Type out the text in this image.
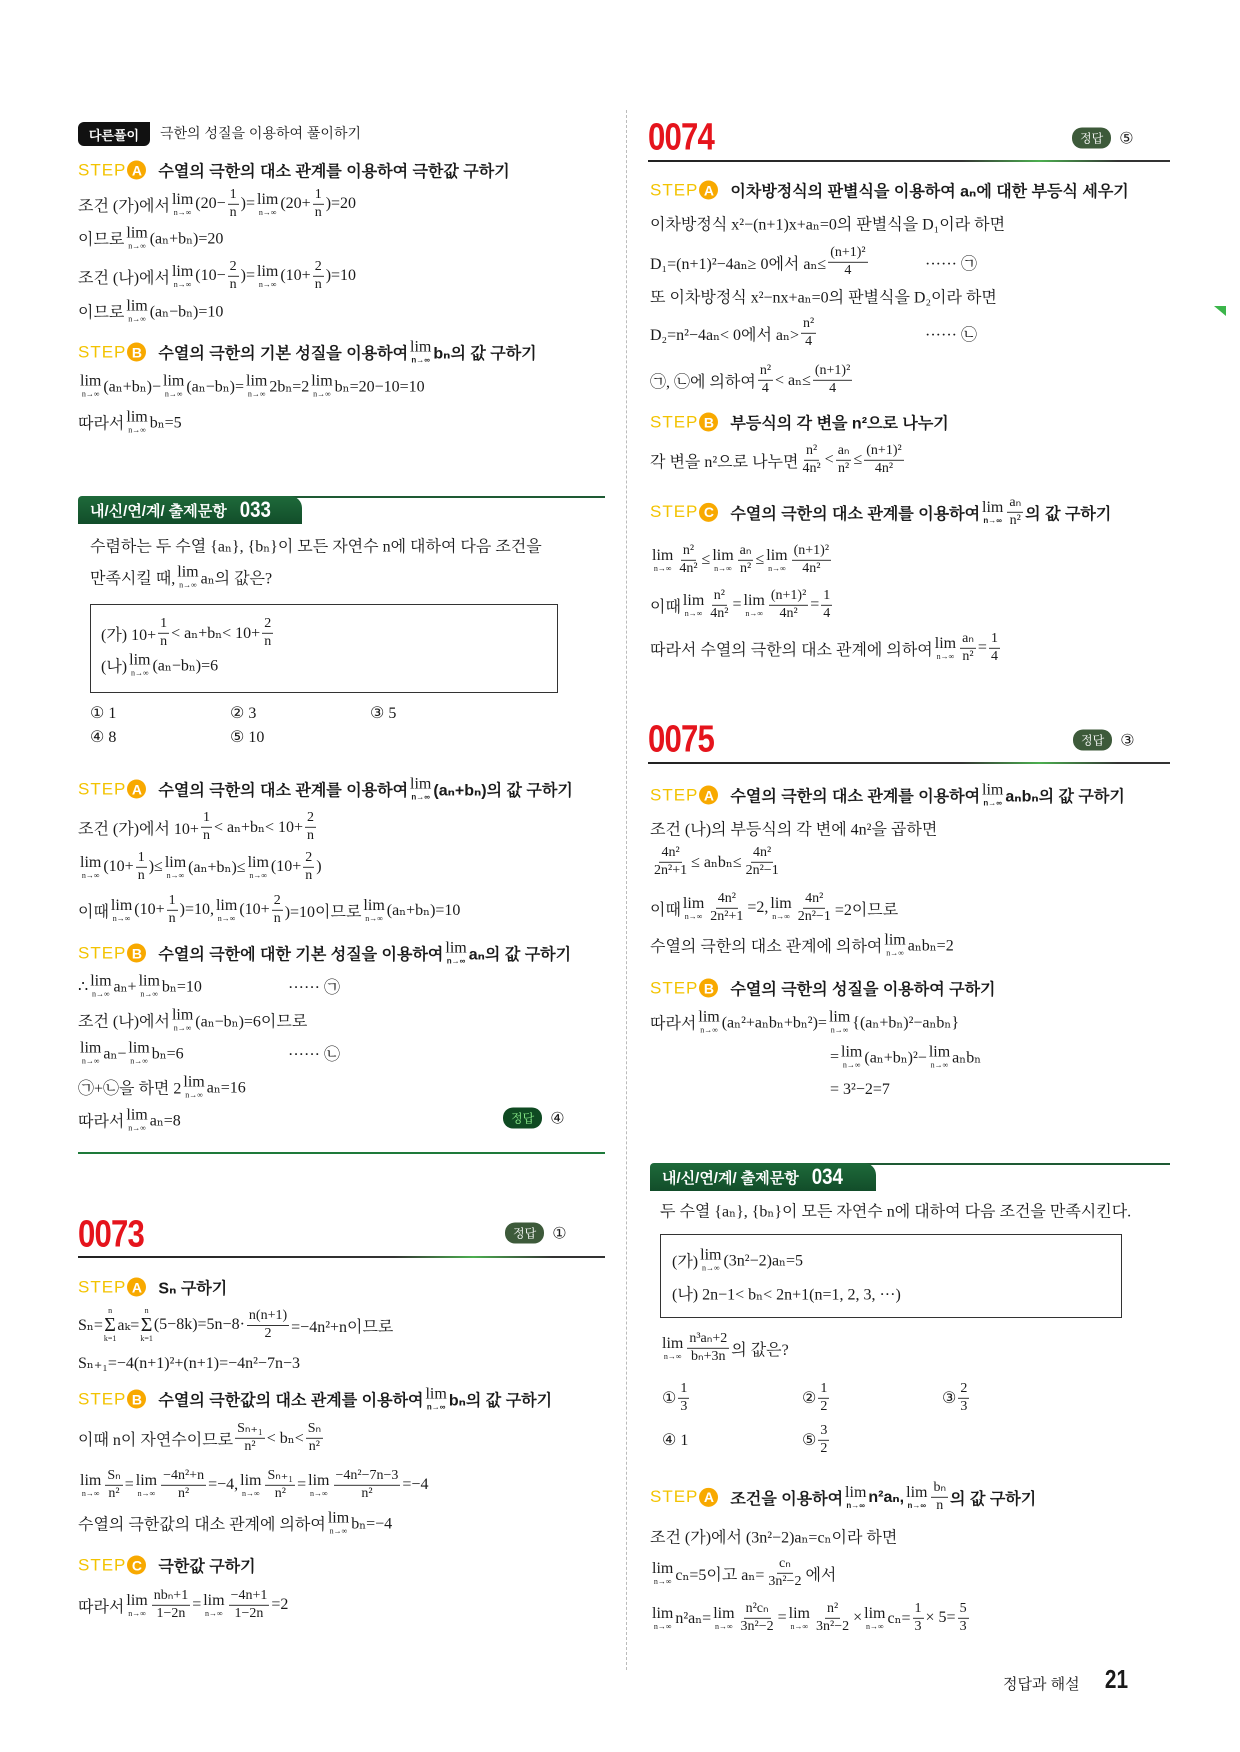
다른풀이	극한의 성질을 이용하여 풀이하기
STEP A 수열의 극한의 대소 관계를 이용하여 극한값 구하기
조건 (가)에서 lim
n→∞ ($20- \frac{1}{n}$ )= lim
n→∞ $(20+ \frac{1}{n} )=20$
이므로 lim
n→∞ (aₙ+bₙ)=20
조건 (나)에서 lim
n→∞ ($10- \frac{2}{n}$ )= lim
n→∞ $(10+ \frac{2}{n} )=10$
이므로 lim
n→∞ (aₙ−bₙ)=10
STEP B 수열의 극한의 기본 성질을 이용하여 lim
n→∞ bₙ의 값 구하기
lim
n→∞ (aₙ+bₙ)− lim
n→∞ (aₙ−bₙ)= lim
n→∞ 2bₙ=2 lim
n→∞ bₙ=20−10=10
따라서 lim
n→∞ bₙ=5
내/신/연/계/ 출제문항 033
수렴하는 두 수열 {aₙ}, {bₙ}이 모든 자연수 n에 대하여 다음 조건을
만족시킬 때, lim
n→∞ aₙ의 값은?
(가) $10+ \frac{1}{n} < a_n+b_n< 10+ \frac{2}{n}$
(나) lim
n→∞ (aₙ−bₙ)=6
① 1	② 3	③ 5
④ 8	⑤ 10
STEP A 수열의 극한의 대소 관계를 이용하여 lim
n→∞ (aₙ+bₙ)의 값 구하기
조건 (가)에서 $10+ \frac{1}{n} < a_n+b_n< 10+ \frac{2}{n}$
lim
n→∞ ($10+ \frac{1}{n}$ )≤ lim
n→∞ (aₙ+bₙ)≤ lim
n→∞ ($10+ \frac{2}{n}$ )
이때 lim
n→∞ $(10+ \frac{1}{n} )=10$, lim
n→∞ $(10+ \frac{2}{n} )=10$이므로 lim
n→∞ (aₙ+bₙ)=10
STEP B 수열의 극한에 대한 기본 성질을 이용하여 lim
n→∞ aₙ의 값 구하기
∴ lim
n→∞ aₙ+ lim
n→∞ bₙ=10	······ ㉠
조건 (나)에서 lim
n→∞ (aₙ−bₙ)=6이므로
lim
n→∞ aₙ− lim
n→∞ bₙ=6	······ ㉡
㉠+㉡을 하면 2 lim
n→∞ aₙ=16
따라서 lim
n→∞ aₙ=8	정답	④
0073	정답	①
STEP A Sₙ 구하기
Sₙ=
n
Σ
k=1
aₖ=
n
Σ
k=1
$(5-8k)=5n-8\cdot \frac{n(n+1)}{2} =-4n^2+n$이므로
Sₙ₊₁=−4(n+1)²+(n+1)=−4n²−7n−3
STEP B 수열의 극한값의 대소 관계를 이용하여 lim
n→∞ bₙ의 값 구하기
이때 n이 자연수이므로 $\frac{\text{Sₙ₊₁}}{\text{n²}} < b_n< \frac{\text{Sₙ}}{\text{n²}}$
lim
$n\to\infty \frac{\text{Sₙ}}{\text{n²}} = \lim$
$n\to\infty \frac{\text{−4n²+n}}{\text{n²}} =-4$, lim
$n\to\infty \frac{\text{Sₙ₊₁}}{\text{n²}} = \lim$
$n\to\infty \frac{\text{−4n²−7n−3}}{\text{n²}} =-4$
수열의 극한값의 대소 관계에 의하여 lim
n→∞ bₙ=−4
STEP C 극한값 구하기
따라서 lim
$n\to\infty \frac{\text{nbₙ+1}}{1-2n} = \lim$
$n\to\infty \frac{-4n+1}{1-2n} =2$
0074	정답	⑤
STEP A 이차방정식의 판별식을 이용하여 aₙ에 대한 부등식 세우기
이차방정식 x²−(n+1)x+aₙ=0의 판별식을 D₁이라 하면
D₁=(n+1)²−4aₙ≥ 0에서 $a_n\le \frac{\text{(n+1)²}}{4}$	······ ㉠
또 이차방정식 x²−nx+aₙ=0의 판별식을 D₂이라 하면
D₂=n²−4aₙ< 0에서 $a_n> \frac{\text{n²}}{4}$	······ ㉡
㉠, ㉡에 의하여 $\frac{\text{n²}}{4} < a_n\le \frac{\text{(n+1)²}}{4}$
STEP B 부등식의 각 변을 n²으로 나누기
각 변을 n²으로 나누면 $\frac{\text{n²}}{\text{4n²}} < \frac{\text{aₙ}}{\text{n²}} \le \frac{\text{(n+1)²}}{\text{4n²}}$
STEP C 수열의 극한의 대소 관계를 이용하여 lim
$n\to\infty \frac{\text{aₙ}}{\text{n²}}$ 의 값 구하기
lim
$n\to\infty \frac{\text{n²}}{\text{4n²}} \le \lim$
$n\to\infty \frac{\text{aₙ}}{\text{n²}} \le \lim$
$n\to\infty \frac{\text{(n+1)²}}{\text{4n²}}$
이때 lim
$n\to\infty \frac{\text{n²}}{\text{4n²}} = \lim$
$n\to\infty \frac{\text{(n+1)²}}{\text{4n²}} = \frac{1}{4}$
따라서 수열의 극한의 대소 관계에 의하여 lim
$n\to\infty \frac{\text{aₙ}}{\text{n²}} = \frac{1}{4}$
0075	정답	③
STEP A 수열의 극한의 대소 관계를 이용하여 lim
n→∞ aₙbₙ의 값 구하기
조건 (나)의 부등식의 각 변에 4n²을 곱하면
$\frac{\text{4n²}}{\text{2n²+1}} \le a_nb_n\le \frac{\text{4n²}}{\text{2n²−1}}$
이때 lim
$n\to\infty \frac{\text{4n²}}{\text{2n²+1}} =2$, lim
$n\to\infty \frac{\text{4n²}}{\text{2n²−1}} =2$이므로
수열의 극한의 대소 관계에 의하여 lim
n→∞ aₙbₙ=2
STEP B 수열의 극한의 성질을 이용하여 구하기
따라서 lim
n→∞ (aₙ²+aₙbₙ+bₙ²)= lim
n→∞ {(aₙ+bₙ)²−aₙbₙ}
= lim
n→∞ (aₙ+bₙ)²− lim
n→∞ aₙbₙ
= 3²−2=7
내/신/연/계/ 출제문항 034
두 수열 {aₙ}, {bₙ}이 모든 자연수 n에 대하여 다음 조건을 만족시킨다.
(가) lim
n→∞ (3n²−2)aₙ=5
(나) 2n−1< bₙ< 2n+1(n=1, 2, 3, ···)
lim
$n\to\infty \frac{\text{n³aₙ+2}}{\text{bₙ+3n}}$ 의 값은?
① $\frac{1}{3}$	② $\frac{1}{2}$	③ $\frac{2}{3}$
④ 1	⑤ $\frac{3}{2}$
STEP A 조건을 이용하여 lim
n→∞ n²aₙ, lim
$n\to\infty \frac{\text{bₙ}}{n}$ 의 값 구하기
조건 (가)에서 (3n²−2)aₙ=cₙ이라 하면
lim
n→∞ cₙ=5이고 $a_n= \frac{\text{cₙ}}{\text{3n²−2}}$ 에서
lim
n→∞ n²aₙ= lim
$n\to\infty \frac{\text{n²cₙ}}{\text{3n²−2}} = \lim$
$n\to\infty \frac{\text{n²}}{\text{3n²−2}} \times \lim$
n→∞ $c_n= \frac{1}{3} \times 5= \frac{5}{3}$
정답과 해설 21
